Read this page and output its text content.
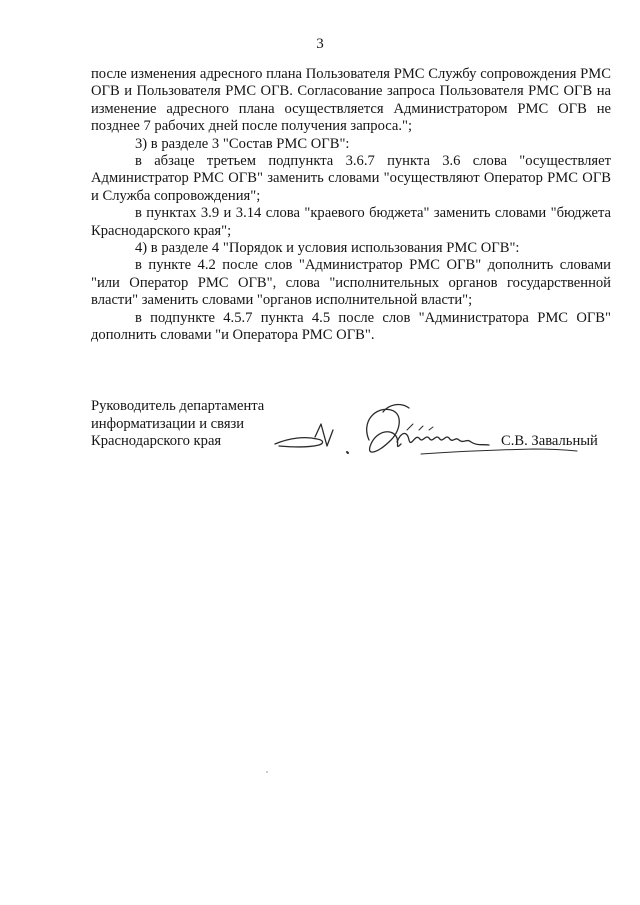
3

после изменения адресного плана Пользователя РМС Службу сопровождения РМС ОГВ и Пользователя РМС ОГВ. Согласование запроса Пользователя РМС ОГВ на изменение адресного плана осуществляется Администратором РМС ОГВ не позднее 7 рабочих дней после получения запроса.";

3) в разделе 3 "Состав РМС ОГВ":

в абзаце третьем подпункта 3.6.7 пункта 3.6 слова "осуществляет Администратор РМС ОГВ" заменить словами "осуществляют Оператор РМС ОГВ и Служба сопровождения";

в пунктах 3.9 и 3.14 слова "краевого бюджета" заменить словами "бюджета Краснодарского края";

4) в разделе 4 "Порядок и условия использования РМС ОГВ":

в пункте 4.2 после слов "Администратор РМС ОГВ" дополнить словами "или Оператор РМС ОГВ", слова "исполнительных органов государственной власти" заменить словами "органов исполнительной власти";

в подпункте 4.5.7 пункта 4.5 после слов "Администратора РМС ОГВ" дополнить словами "и Оператора РМС ОГВ".

Руководитель департамента
информатизации и связи
Краснодарского края	С.В. Завальный
